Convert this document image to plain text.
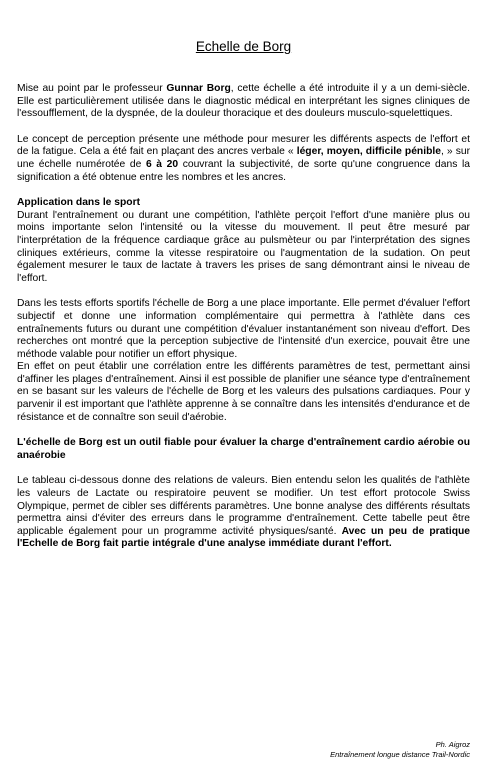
Echelle de Borg

Mise au point par le professeur Gunnar Borg, cette échelle a été introduite il y a un demi-siècle. Elle est particulièrement utilisée dans le diagnostic médical en interprétant les signes cliniques de l'essoufflement, de la dyspnée, de la douleur thoracique et des douleurs musculo-squelettiques.

Le concept de perception présente une méthode pour mesurer les différents aspects de l'effort et de la fatigue. Cela a été fait en plaçant des ancres verbale « léger, moyen, difficile pénible, » sur une échelle numérotée de 6 à 20 couvrant la subjectivité, de sorte qu'une congruence dans la signification a été obtenue entre les nombres et les ancres.

Application dans le sport

Durant l'entraînement ou durant une compétition, l'athlète perçoit l'effort d'une manière plus ou moins importante selon l'intensité ou la vitesse du mouvement. Il peut être mesuré par l'interprétation de la fréquence cardiaque grâce au pulsmèteur ou par l'interprétation des signes cliniques extérieurs, comme la vitesse respiratoire ou l'augmentation de la sudation. On peut également mesurer le taux de lactate à travers les prises de sang démontrant ainsi le niveau de l'effort.

Dans les tests efforts sportifs l'échelle de Borg a une place importante. Elle permet d'évaluer l'effort subjectif et donne une information complémentaire qui permettra à l'athlète dans ces entraînements futurs ou durant une compétition d'évaluer instantanément son niveau d'effort. Des recherches ont montré que la perception subjective de l'intensité d'un exercice, pouvait être une méthode valable pour notifier un effort physique.

En effet on peut établir une corrélation entre les différents paramètres de test, permettant ainsi d'affiner les plages d'entraînement. Ainsi il est possible de planifier une séance type d'entraînement en se basant sur les valeurs de l'échelle de Borg et les valeurs des pulsations cardiaques. Pour y parvenir il est important que l'athlète apprenne à se connaître dans les intensités d'endurance et de résistance et de connaître son seuil d'aérobie.

L'échelle de Borg est un outil fiable pour évaluer la charge d'entraînement cardio aérobie ou anaérobie

Le tableau ci-dessous donne des relations de valeurs. Bien entendu selon les qualités de l'athlète les valeurs de Lactate ou respiratoire peuvent se modifier. Un test effort protocole Swiss Olympique, permet de cibler ses différents paramètres. Une bonne analyse des différents résultats permettra ainsi d'éviter des erreurs dans le programme d'entraînement. Cette tabelle peut être applicable également pour un programme activité physiques/santé. Avec un peu de pratique l'Echelle de Borg fait partie intégrale d'une analyse immédiate durant l'effort.

Ph. Aigroz
Entraînement longue distance Trail-Nordic
